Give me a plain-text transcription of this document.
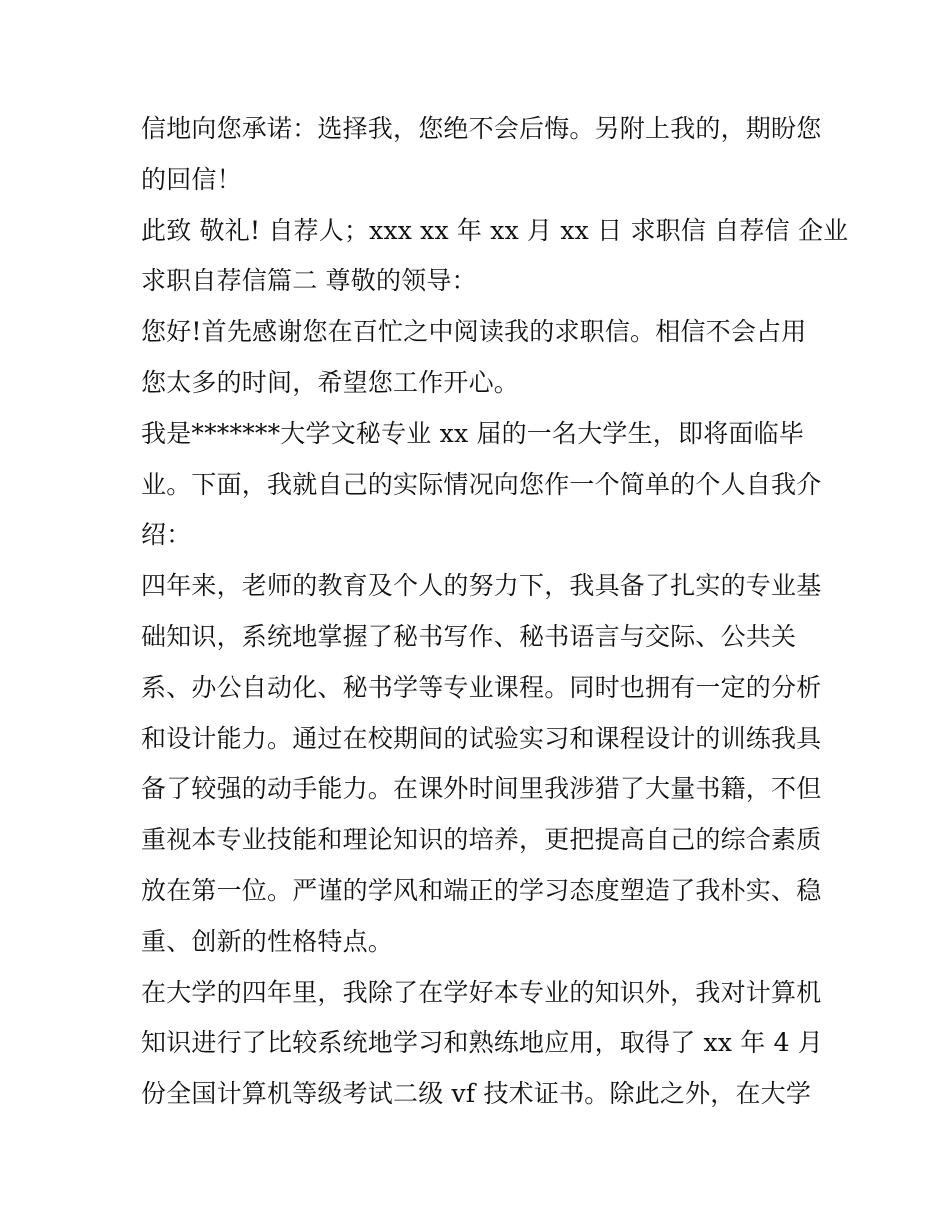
信地向您承诺：选择我，您绝不会后悔。另附上我的，期盼您
的回信！
此致 敬礼! 自荐人；xxx xx 年 xx 月 xx 日 求职信 自荐信 企业
求职自荐信篇二 尊敬的领导：
您好!首先感谢您在百忙之中阅读我的求职信。相信不会占用
您太多的时间，希望您工作开心。
我是*******大学文秘专业 xx 届的一名大学生，即将面临毕
业。下面，我就自己的实际情况向您作一个简单的个人自我介
绍：
四年来，老师的教育及个人的努力下，我具备了扎实的专业基
础知识，系统地掌握了秘书写作、秘书语言与交际、公共关
系、办公自动化、秘书学等专业课程。同时也拥有一定的分析
和设计能力。通过在校期间的试验实习和课程设计的训练我具
备了较强的动手能力。在课外时间里我涉猎了大量书籍，不但
重视本专业技能和理论知识的培养，更把提高自己的综合素质
放在第一位。严谨的学风和端正的学习态度塑造了我朴实、稳
重、创新的性格特点。
在大学的四年里，我除了在学好本专业的知识外，我对计算机
知识进行了比较系统地学习和熟练地应用，取得了 xx 年 4 月
份全国计算机等级考试二级 vf 技术证书。除此之外，在大学
